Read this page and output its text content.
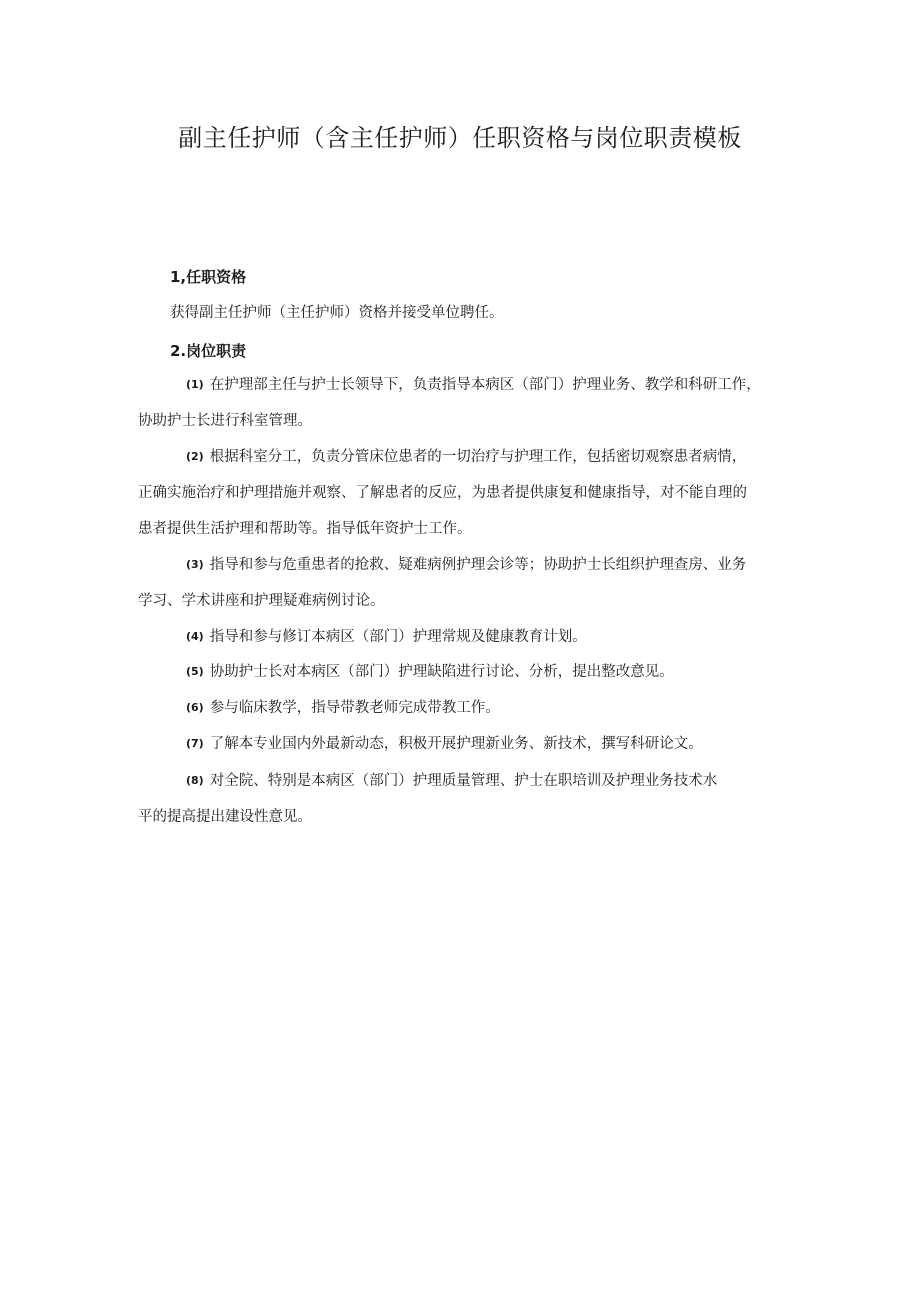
副主任护师（含主任护师）任职资格与岗位职责模板

1,任职资格

获得副主任护师（主任护师）资格并接受单位聘任。

2.岗位职责

(1) 在护理部主任与护士长领导下，负责指导本病区（部门）护理业务、教学和科研工作，

协助护士长进行科室管理。

(2) 根据科室分工，负责分管床位患者的一切治疗与护理工作，包括密切观察患者病情，

正确实施治疗和护理措施并观察、了解患者的反应，为患者提供康复和健康指导，对不能自理的

患者提供生活护理和帮助等。指导低年资护士工作。

(3) 指导和参与危重患者的抢救、疑难病例护理会诊等；协助护士长组织护理查房、业务

学习、学术讲座和护理疑难病例讨论。

(4) 指导和参与修订本病区（部门）护理常规及健康教育计划。

(5) 协助护士长对本病区（部门）护理缺陷进行讨论、分析，提出整改意见。

(6) 参与临床教学，指导带教老师完成带教工作。

(7) 了解本专业国内外最新动态，积极开展护理新业务、新技术，撰写科研论文。

(8) 对全院、特别是本病区（部门）护理质量管理、护士在职培训及护理业务技术水

平的提高提出建设性意见。
